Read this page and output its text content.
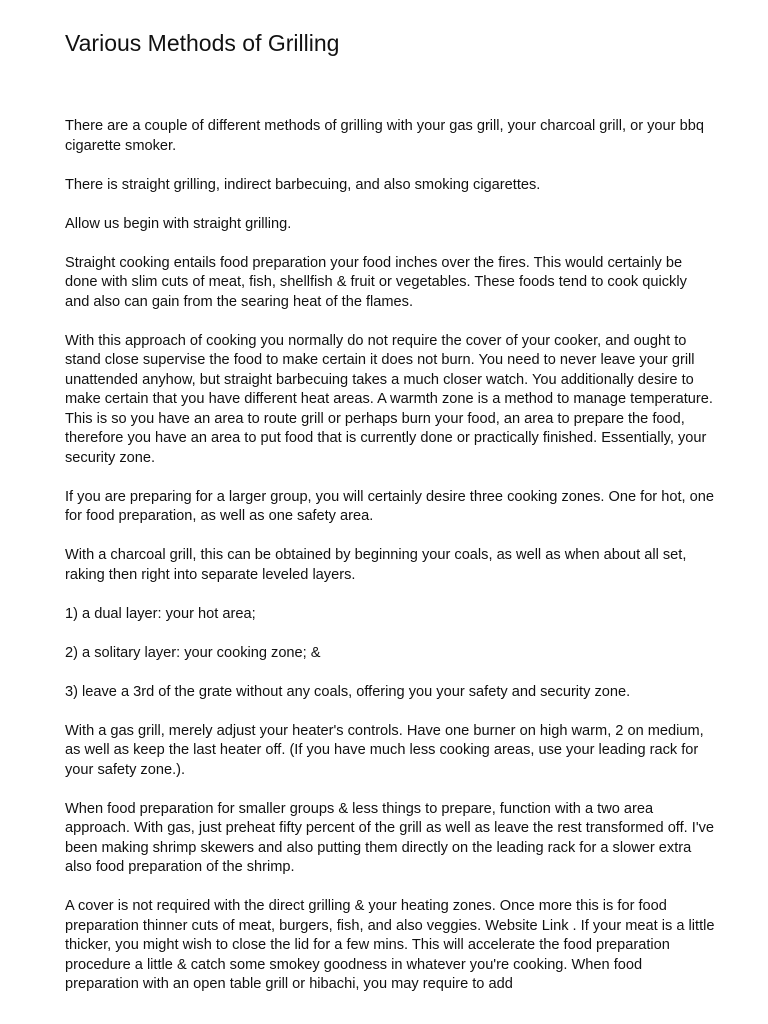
Various Methods of Grilling

There are a couple of different methods of grilling with your gas grill, your charcoal grill, or your bbq cigarette smoker.

There is straight grilling, indirect barbecuing, and also smoking cigarettes.

Allow us begin with straight grilling.

Straight cooking entails food preparation your food inches over the fires. This would certainly be done with slim cuts of meat, fish, shellfish & fruit or vegetables. These foods tend to cook quickly and also can gain from the searing heat of the flames.

With this approach of cooking you normally do not require the cover of your cooker, and ought to stand close supervise the food to make certain it does not burn. You need to never leave your grill unattended anyhow, but straight barbecuing takes a much closer watch. You additionally desire to make certain that you have different heat areas. A warmth zone is a method to manage temperature. This is so you have an area to route grill or perhaps burn your food, an area to prepare the food, therefore you have an area to put food that is currently done or practically finished. Essentially, your security zone.

If you are preparing for a larger group, you will certainly desire three cooking zones. One for hot, one for food preparation, as well as one safety area.

With a charcoal grill, this can be obtained by beginning your coals, as well as when about all set, raking then right into separate leveled layers.

1) a dual layer: your hot area;

2) a solitary layer: your cooking zone; &

3) leave a 3rd of the grate without any coals, offering you your safety and security zone.

With a gas grill, merely adjust your heater's controls. Have one burner on high warm, 2 on medium, as well as keep the last heater off. (If you have much less cooking areas, use your leading rack for your safety zone.).

When food preparation for smaller groups & less things to prepare, function with a two area approach. With gas, just preheat fifty percent of the grill as well as leave the rest transformed off. I've been making shrimp skewers and also putting them directly on the leading rack for a slower extra also food preparation of the shrimp.

A cover is not required with the direct grilling & your heating zones. Once more this is for food preparation thinner cuts of meat, burgers, fish, and also veggies. Website Link . If your meat is a little thicker, you might wish to close the lid for a few mins. This will accelerate the food preparation procedure a little & catch some smokey goodness in whatever you're cooking. When food preparation with an open table grill or hibachi, you may require to add
